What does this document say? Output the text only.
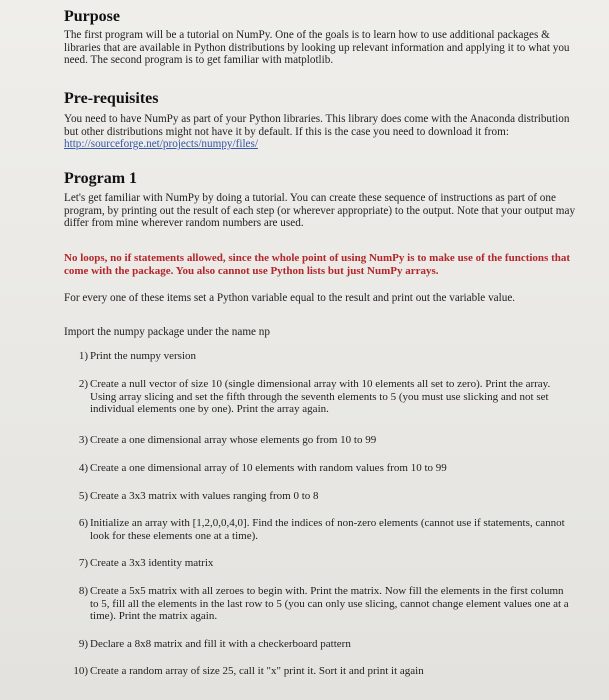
Purpose

The first program will be a tutorial on NumPy. One of the goals is to learn how to use additional packages & libraries that are available in Python distributions by looking up relevant information and applying it to what you need. The second program is to get familiar with matplotlib.

Pre-requisites

You need to have NumPy as part of your Python libraries. This library does come with the Anaconda distribution but other distributions might not have it by default. If this is the case you need to download it from: http://sourceforge.net/projects/numpy/files/

Program 1

Let's get familiar with NumPy by doing a tutorial. You can create these sequence of instructions as part of one program, by printing out the result of each step (or wherever appropriate) to the output. Note that your output may differ from mine wherever random numbers are used.

No loops, no if statements allowed, since the whole point of using NumPy is to make use of the functions that come with the package. You also cannot use Python lists but just NumPy arrays.

For every one of these items set a Python variable equal to the result and print out the variable value.

Import the numpy package under the name np

1) Print the numpy version
2) Create a null vector of size 10 (single dimensional array with 10 elements all set to zero). Print the array. Using array slicing and set the fifth through the seventh elements to 5 (you must use slicking and not set individual elements one by one). Print the array again.
3) Create a one dimensional array whose elements go from 10 to 99
4) Create a one dimensional array of 10 elements with random values from 10 to 99
5) Create a 3x3 matrix with values ranging from 0 to 8
6) Initialize an array with [1,2,0,0,4,0]. Find the indices of non-zero elements (cannot use if statements, cannot look for these elements one at a time).
7) Create a 3x3 identity matrix
8) Create a 5x5 matrix with all zeroes to begin with. Print the matrix. Now fill the elements in the first column to 5, fill all the elements in the last row to 5 (you can only use slicing, cannot change element values one at a time). Print the matrix again.
9) Declare a 8x8 matrix and fill it with a checkerboard pattern
10) Create a random array of size 25, call it "x" print it. Sort it and print it again
